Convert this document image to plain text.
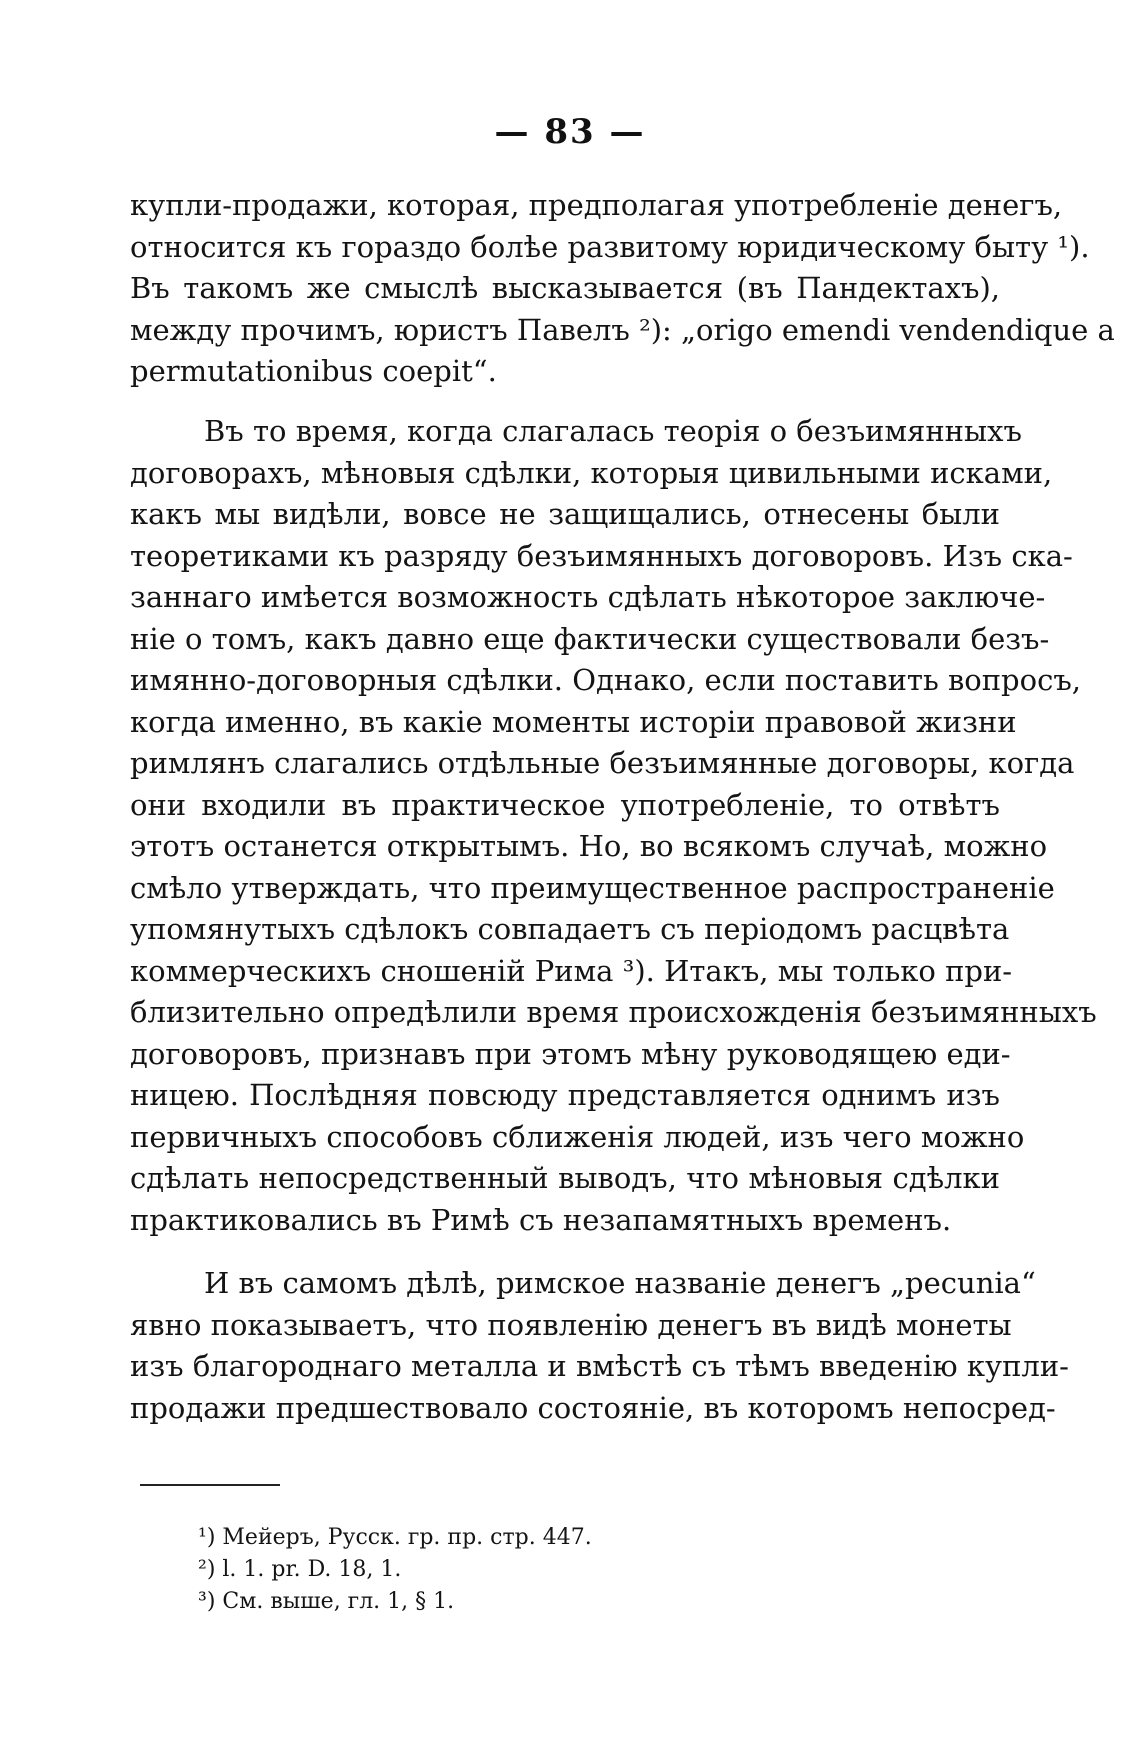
— 83 —
купли-продажи, которая, предполагая употребленіе денегъ,
относится къ гораздо болѣе развитому юридическому быту ¹).
Въ такомъ же смыслѣ высказывается (въ Пандектахъ),
между прочимъ, юристъ Павелъ ²): „origo emendi vendendique a
permutationibus coepit“.
Въ то время, когда слагалась теорія о безъимянныхъ
договорахъ, мѣновыя сдѣлки, которыя цивильными исками,
какъ мы видѣли, вовсе не защищались, отнесены были
теоретиками къ разряду безъимянныхъ договоровъ. Изъ ска-
заннаго имѣется возможность сдѣлать нѣкоторое заключе-
ніе о томъ, какъ давно еще фактически существовали безъ-
имянно-договорныя сдѣлки. Однако, если поставить вопросъ,
когда именно, въ какіе моменты исторіи правовой жизни
римлянъ слагались отдѣльные безъимянные договоры, когда
они входили въ практическое употребленіе, то отвѣтъ
этотъ останется открытымъ. Но, во всякомъ случаѣ, можно
смѣло утверждать, что преимущественное распространеніе
упомянутыхъ сдѣлокъ совпадаетъ съ періодомъ расцвѣта
коммерческихъ сношеній Рима ³). Итакъ, мы только при-
близительно опредѣлили время происхожденія безъимянныхъ
договоровъ, признавъ при этомъ мѣну руководящею еди-
ницею. Послѣдняя повсюду представляется однимъ изъ
первичныхъ способовъ сближенія людей, изъ чего можно
сдѣлать непосредственный выводъ, что мѣновыя сдѣлки
практиковались въ Римѣ съ незапамятныхъ временъ.
И въ самомъ дѣлѣ, римское названіе денегъ „pecunia“
явно показываетъ, что появленію денегъ въ видѣ монеты
изъ благороднаго металла и вмѣстѣ съ тѣмъ введенію купли-
продажи предшествовало состояніе, въ которомъ непосред-
¹) Мейеръ, Русск. гр. пр. стр. 447.
²) l. 1. pr. D. 18, 1.
³) См. выше, гл. 1, § 1.
